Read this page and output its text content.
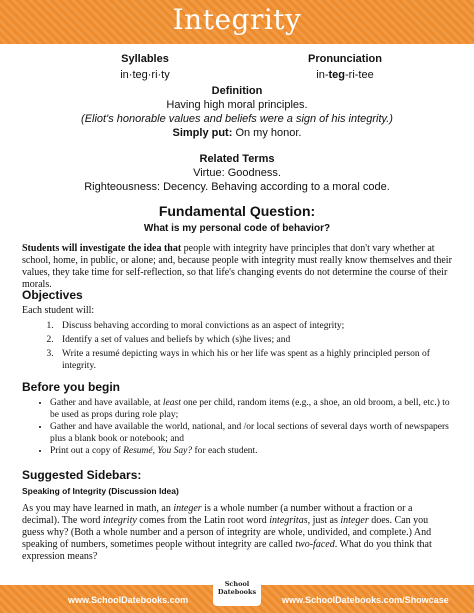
Integrity
Syllables
in·teg·ri·ty
Pronunciation
in-teg-ri-tee
Definition
Having high moral principles.
(Eliot's honorable values and beliefs were a sign of his integrity.)
Simply put: On my honor.
Related Terms
Virtue: Goodness.
Righteousness: Decency. Behaving according to a moral code.
Fundamental Question:
What is my personal code of behavior?
Students will investigate the idea that people with integrity have principles that don't vary whether at school, home, in public, or alone; and, because people with integrity must really know themselves and their values, they take time for self-reflection, so that life's changing events do not determine the course of their morals.
Objectives
Each student will:
1. Discuss behaving according to moral convictions as an aspect of integrity;
2. Identify a set of values and beliefs by which (s)he lives; and
3. Write a resumé depicting ways in which his or her life was spent as a highly principled person of integrity.
Before you begin
• Gather and have available, at least one per child, random items (e.g., a shoe, an old broom, a bell, etc.) to be used as props during role play;
• Gather and have available the world, national, and /or local sections of several days worth of newspapers plus a blank book or notebook; and
• Print out a copy of Resumé, You Say? for each student.
Suggested Sidebars:
Speaking of Integrity (Discussion Idea)
As you may have learned in math, an integer is a whole number (a number without a fraction or a decimal). The word integrity comes from the Latin root word integritas, just as integer does. Can you guess why? (Both a whole number and a person of integrity are whole, undivided, and complete.) And speaking of numbers, sometimes people without integrity are called two-faced. What do you think that expression means?
www.SchoolDatebooks.com	www.SchoolDatebooks.com/Showcase
School
Datebooks
